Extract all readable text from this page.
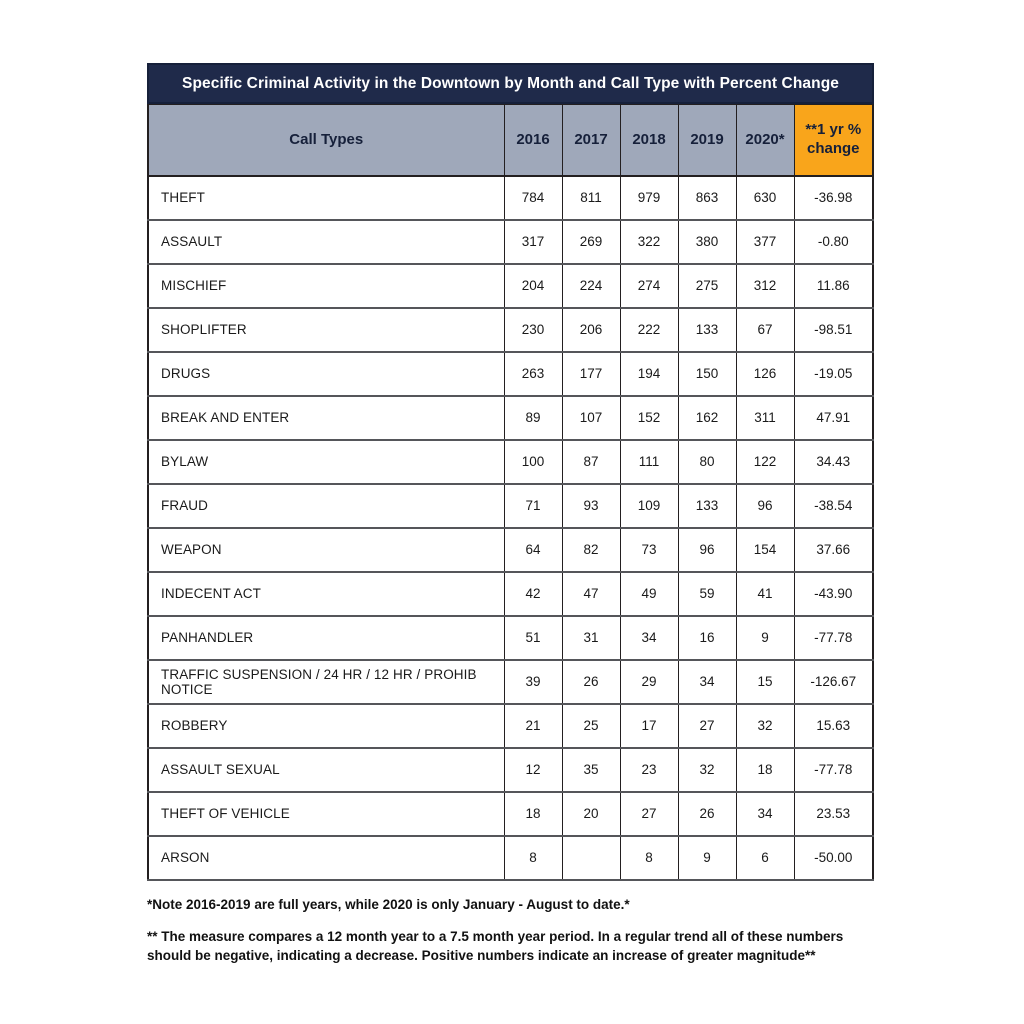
Specific Criminal Activity in the Downtown by Month and Call Type with Percent Change
Call Types	2016	2017	2018	2019	2020*	**1 yr % change
THEFT	784	811	979	863	630	-36.98
ASSAULT	317	269	322	380	377	-0.80
MISCHIEF	204	224	274	275	312	11.86
SHOPLIFTER	230	206	222	133	67	-98.51
DRUGS	263	177	194	150	126	-19.05
BREAK AND ENTER	89	107	152	162	311	47.91
BYLAW	100	87	111	80	122	34.43
FRAUD	71	93	109	133	96	-38.54
WEAPON	64	82	73	96	154	37.66
INDECENT ACT	42	47	49	59	41	-43.90
PANHANDLER	51	31	34	16	9	-77.78
TRAFFIC SUSPENSION / 24 HR / 12 HR / PROHIB NOTICE	39	26	29	34	15	-126.67
ROBBERY	21	25	17	27	32	15.63
ASSAULT SEXUAL	12	35	23	32	18	-77.78
THEFT OF VEHICLE	18	20	27	26	34	23.53
ARSON	8		8	9	6	-50.00
*Note 2016-2019 are full years, while 2020 is only January - August to date.*
** The measure compares a 12 month year to a 7.5 month year period. In a regular trend all of these numbers should be negative, indicating a decrease. Positive numbers indicate an increase of greater magnitude**
